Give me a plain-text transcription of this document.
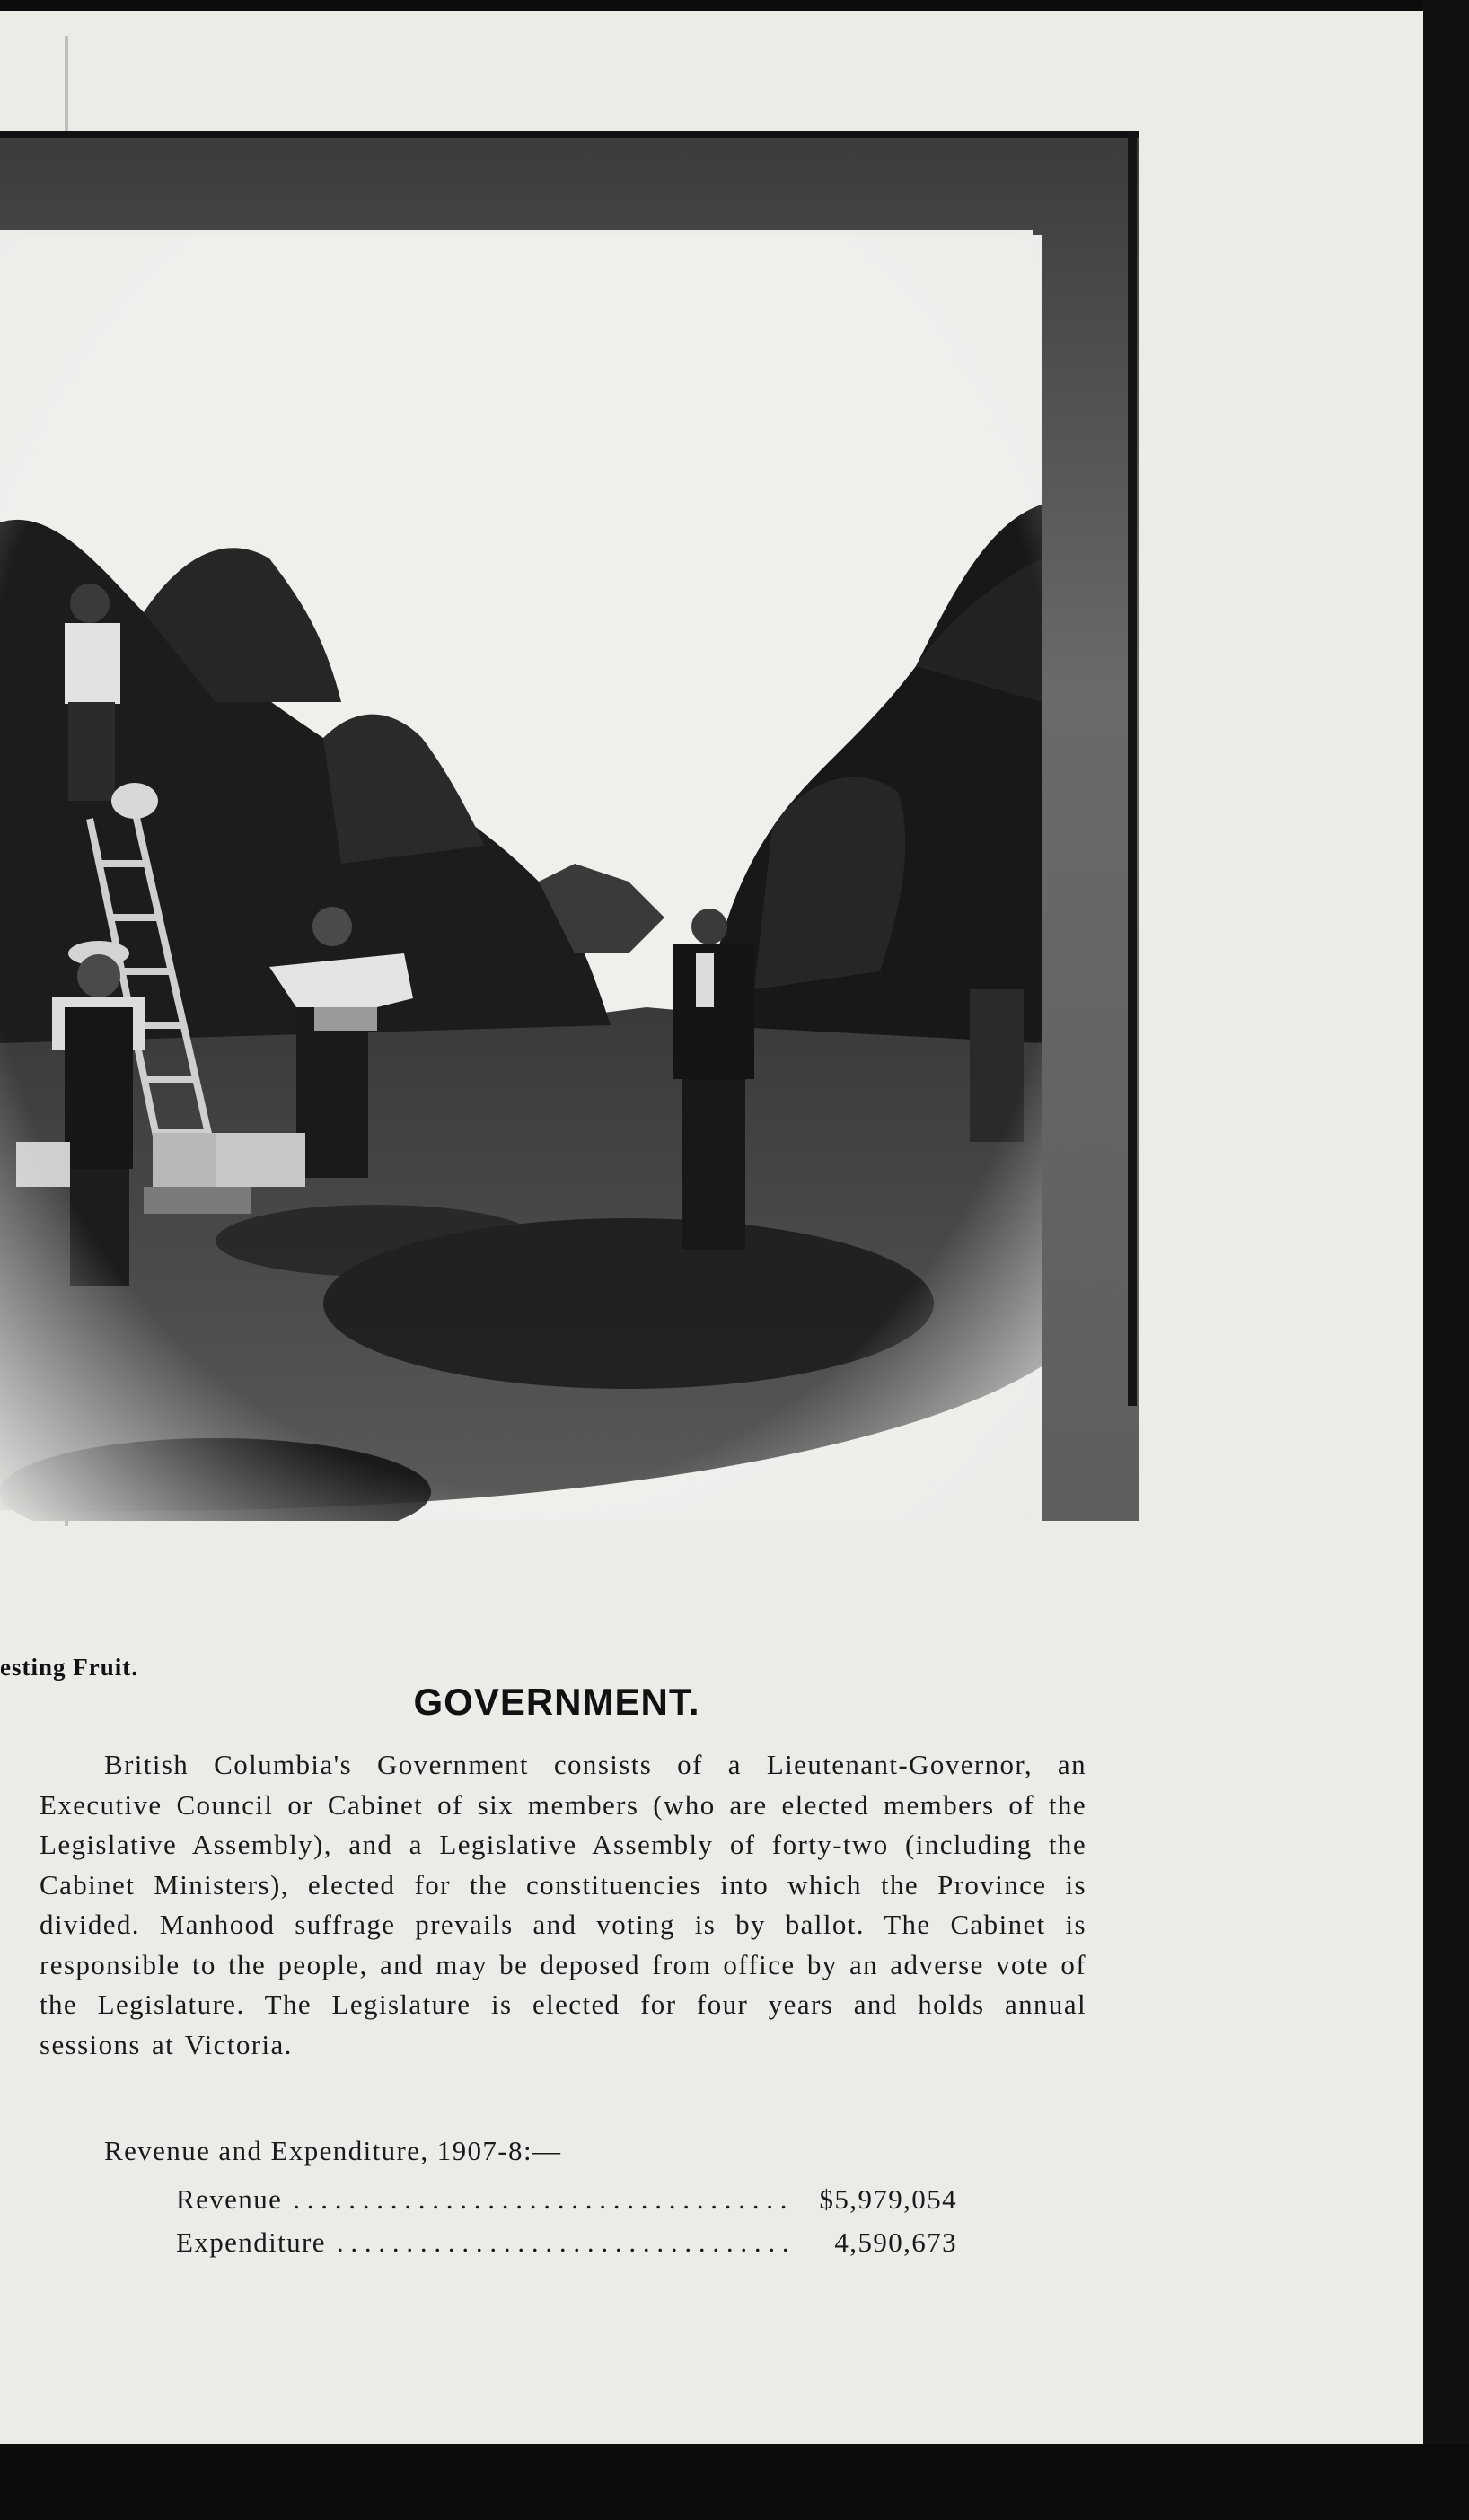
esting Fruit.
GOVERNMENT.
British Columbia's Government consists of a Lieutenant-Governor, an Executive Council or Cabinet of six members (who are elected members of the Legislative Assembly), and a Legislative Assembly of forty-two (including the Cabinet Ministers), elected for the constituencies into which the Province is divided. Manhood suffrage prevails and voting is by ballot. The Cabinet is responsible to the people, and may be deposed from office by an adverse vote of the Legislature. The Legislature is elected for four years and holds annual sessions at Victoria.
Revenue and Expenditure, 1907-8:—
Revenue . . .	$5,979,054
Expenditure . . .	4,590,673
